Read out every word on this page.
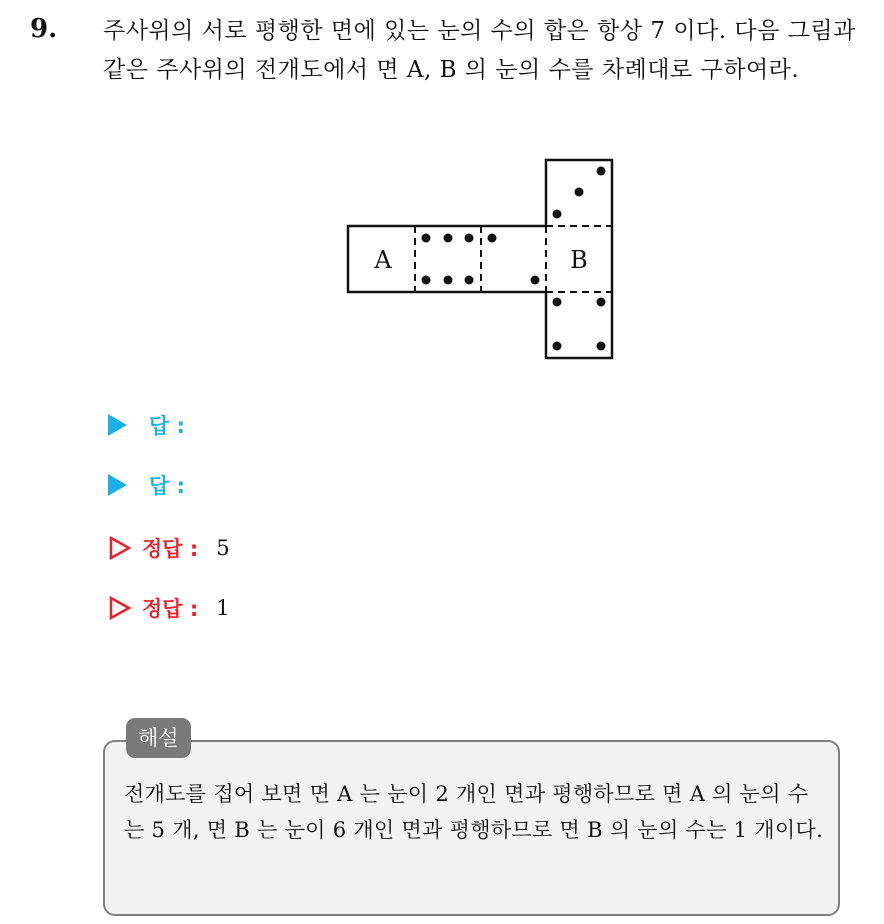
9. 주사위의 서로 평행한 면에 있는 눈의 수의 합은 항상 7 이다. 다음 그림과 같은 주사위의 전개도에서 면 A, B 의 눈의 수를 차례대로 구하여라.

A	B
답 :
답 :
정답 : 5
정답 : 1
해설

전개도를 접어 보면 면 A 는 눈이 2 개인 면과 평행하므로 면 A 의 눈의 수는 5 개, 면 B 는 눈이 6 개인 면과 평행하므로 면 B 의 눈의 수는 1 개이다.
